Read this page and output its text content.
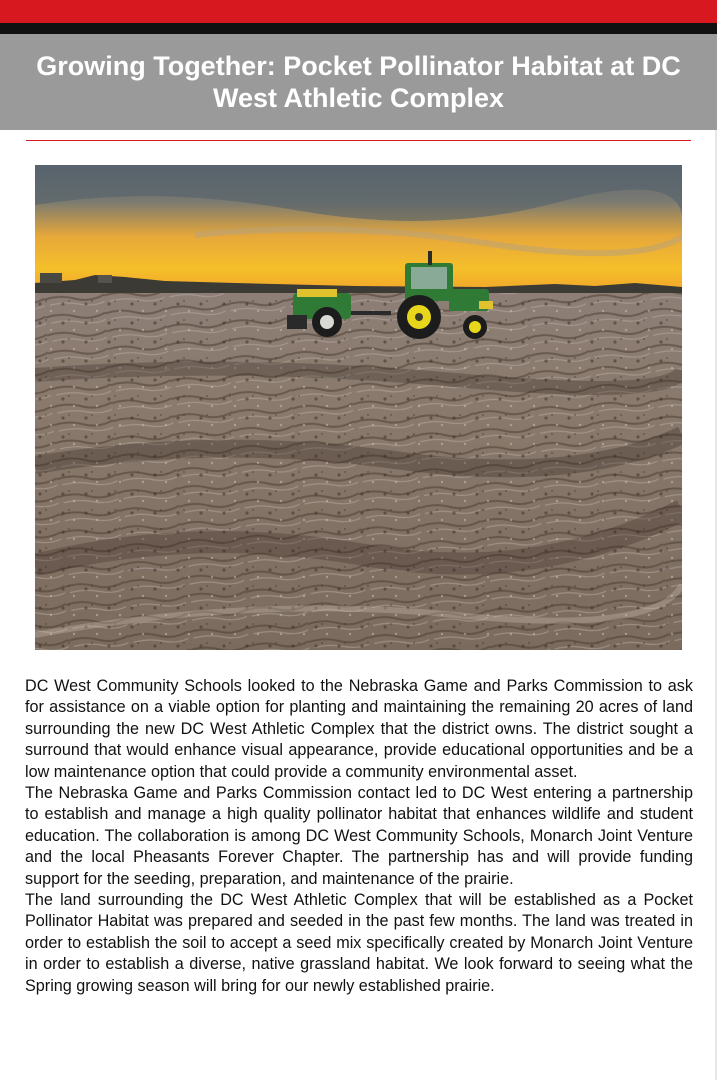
Growing Together: Pocket Pollinator Habitat at DC West Athletic Complex

DC West Community Schools looked to the Nebraska Game and Parks Commission to ask for assistance on a viable option for planting and maintaining the remaining 20 acres of land surrounding the new DC West Athletic Complex that the district owns. The district sought a surround that would enhance visual appearance, provide educational opportunities and be a low maintenance option that could provide a community environmental asset.

The Nebraska Game and Parks Commission contact led to DC West entering a partnership to establish and manage a high quality pollinator habitat that enhances wildlife and student education. The collaboration is among DC West Community Schools, Monarch Joint Venture and the local Pheasants Forever Chapter. The partnership has and will provide funding support for the seeding, preparation, and maintenance of the prairie.

The land surrounding the DC West Athletic Complex that will be established as a Pocket Pollinator Habitat was prepared and seeded in the past few months. The land was treated in order to establish the soil to accept a seed mix specifically created by Monarch Joint Venture in order to establish a diverse, native grassland habitat. We look forward to seeing what the Spring growing season will bring for our newly established prairie.
